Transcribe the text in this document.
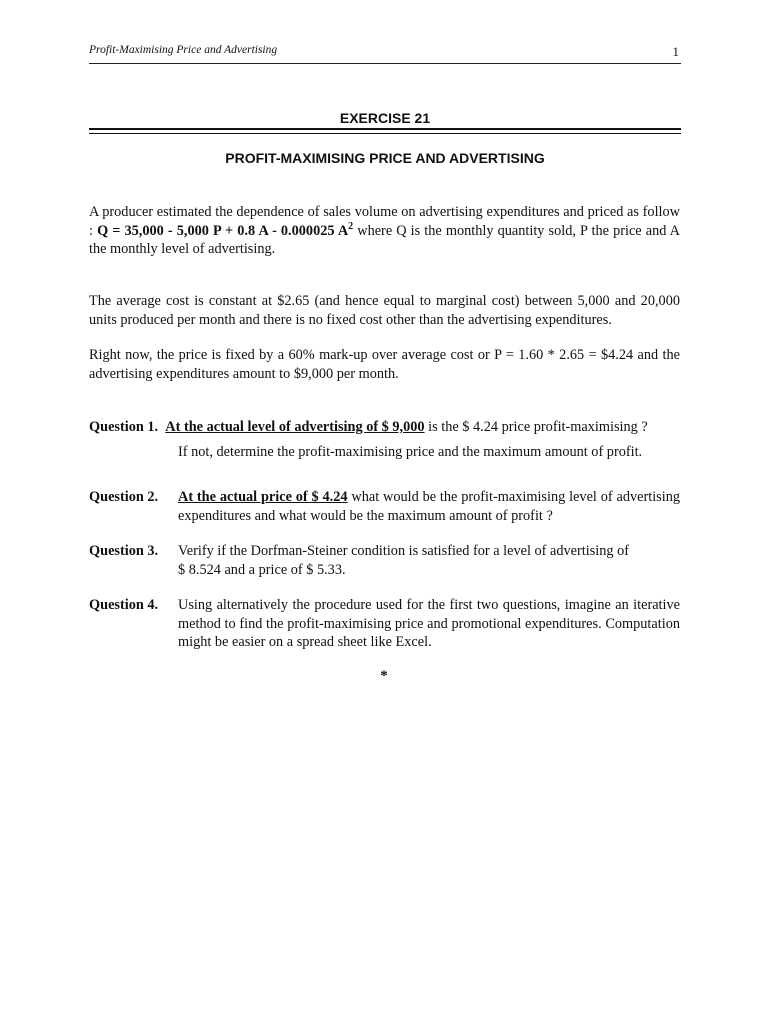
Profit-Maximising Price and Advertising	1
EXERCISE 21
PROFIT-MAXIMISING PRICE AND ADVERTISING

A producer estimated the dependence of sales volume on advertising expenditures and priced as follow : Q = 35,000 - 5,000 P + 0.8 A - 0.000025 $A^2$ where Q is the monthly quantity sold, P the price and A the monthly level of advertising.

The average cost is constant at $2.65 (and hence equal to marginal cost) between 5,000 and 20,000 units produced per month and there is no fixed cost other than the advertising expenditures.

Right now, the price is fixed by a 60% mark-up over average cost or P = 1.60 * 2.65 = $4.24 and the advertising expenditures amount to $9,000 per month.

Question 1. At the actual level of advertising of $ 9,000 is the $ 4.24 price profit-maximising ?
If not, determine the profit-maximising price and the maximum amount of profit.
Question 2. At the actual price of $ 4.24 what would be the profit-maximising level of advertising expenditures and what would be the maximum amount of profit ?
Question 3. Verify if the Dorfman-Steiner condition is satisfied for a level of advertising of
$ 8.524 and a price of $ 5.33.
Question 4. Using alternatively the procedure used for the first two questions, imagine an iterative method to find the profit-maximising price and promotional expenditures. Computation might be easier on a spread sheet like Excel.
*
